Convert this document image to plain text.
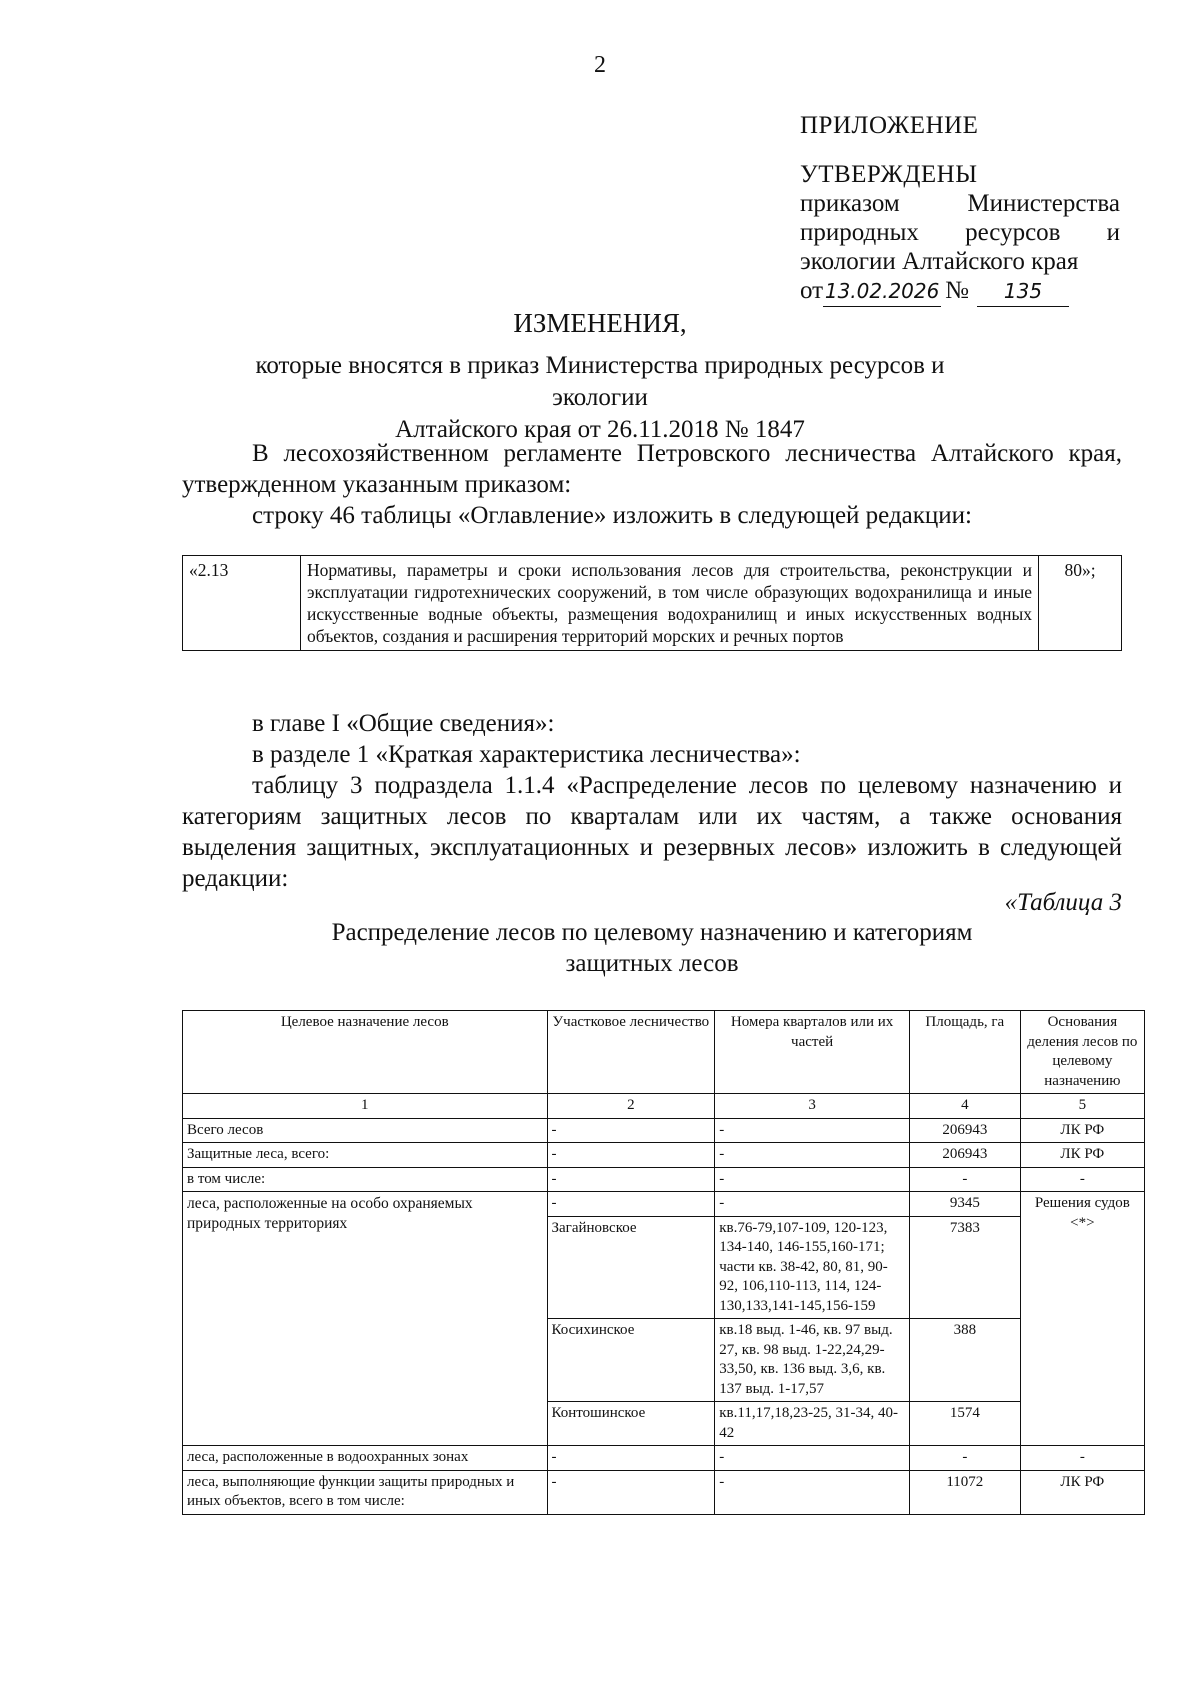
2
ПРИЛОЖЕНИЕ
УТВЕРЖДЕНЫ
приказом	Министерства
природных ресурсов и
экологии Алтайского края
от 13.02.2026 №	135
ИЗМЕНЕНИЯ,
которые вносятся в приказ Министерства природных ресурсов и экологии
Алтайского края от 26.11.2018 № 1847
В лесохозяйственном регламенте Петровского лесничества Алтайского края,
утвержденном указанным приказом:
строку 46 таблицы «Оглавление» изложить в следующей редакции:
«2.13	Нормативы, параметры и сроки использования лесов для строительства, реконструкции и эксплуатации гидротехнических сооружений, в том числе образующих водохранилища и иные искусственные водные объекты, размещения водохранилищ и иных искусственных водных объектов, создания и расширения территорий морских и речных портов	80»;
в главе I «Общие сведения»:
в разделе 1 «Краткая характеристика лесничества»:
таблицу 3 подраздела 1.1.4 «Распределение лесов по целевому назначению и
категориям защитных лесов по кварталам или их частям, а также основания
выделения защитных, эксплуатационных и резервных лесов» изложить в следующей
редакции:
«Таблица 3
Распределение лесов по целевому назначению и категориям
защитных лесов
Целевое назначение лесов	Участковое лесничество	Номера кварталов или их частей	Площадь, га	Основания деления лесов по целевому назначению
1	2	3	4	5
Всего лесов	-	-	206943	ЛК РФ
Защитные леса, всего:	-	-	206943	ЛК РФ
в том числе:	-	-	-	-
леса, расположенные на особо охраняемых природных территориях	-	-	9345	Решения судов <*>
	Загайновское	кв.76-79,107-109, 120-123, 134-140, 146-155,160-171; части кв. 38-42, 80, 81, 90-92, 106,110-113, 114, 124-130,133,141-145,156-159	7383	
	Косихинское	кв.18 выд. 1-46, кв. 97 выд. 27, кв. 98 выд. 1-22,24,29-33,50, кв. 136 выд. 3,6, кв. 137 выд. 1-17,57	388	
	Контошинское	кв.11,17,18,23-25, 31-34, 40-42	1574	
леса, расположенные в водоохранных зонах	-	-	-	-
леса, выполняющие функции защиты природных и иных объектов, всего в том числе:	-	-	11072	ЛК РФ
